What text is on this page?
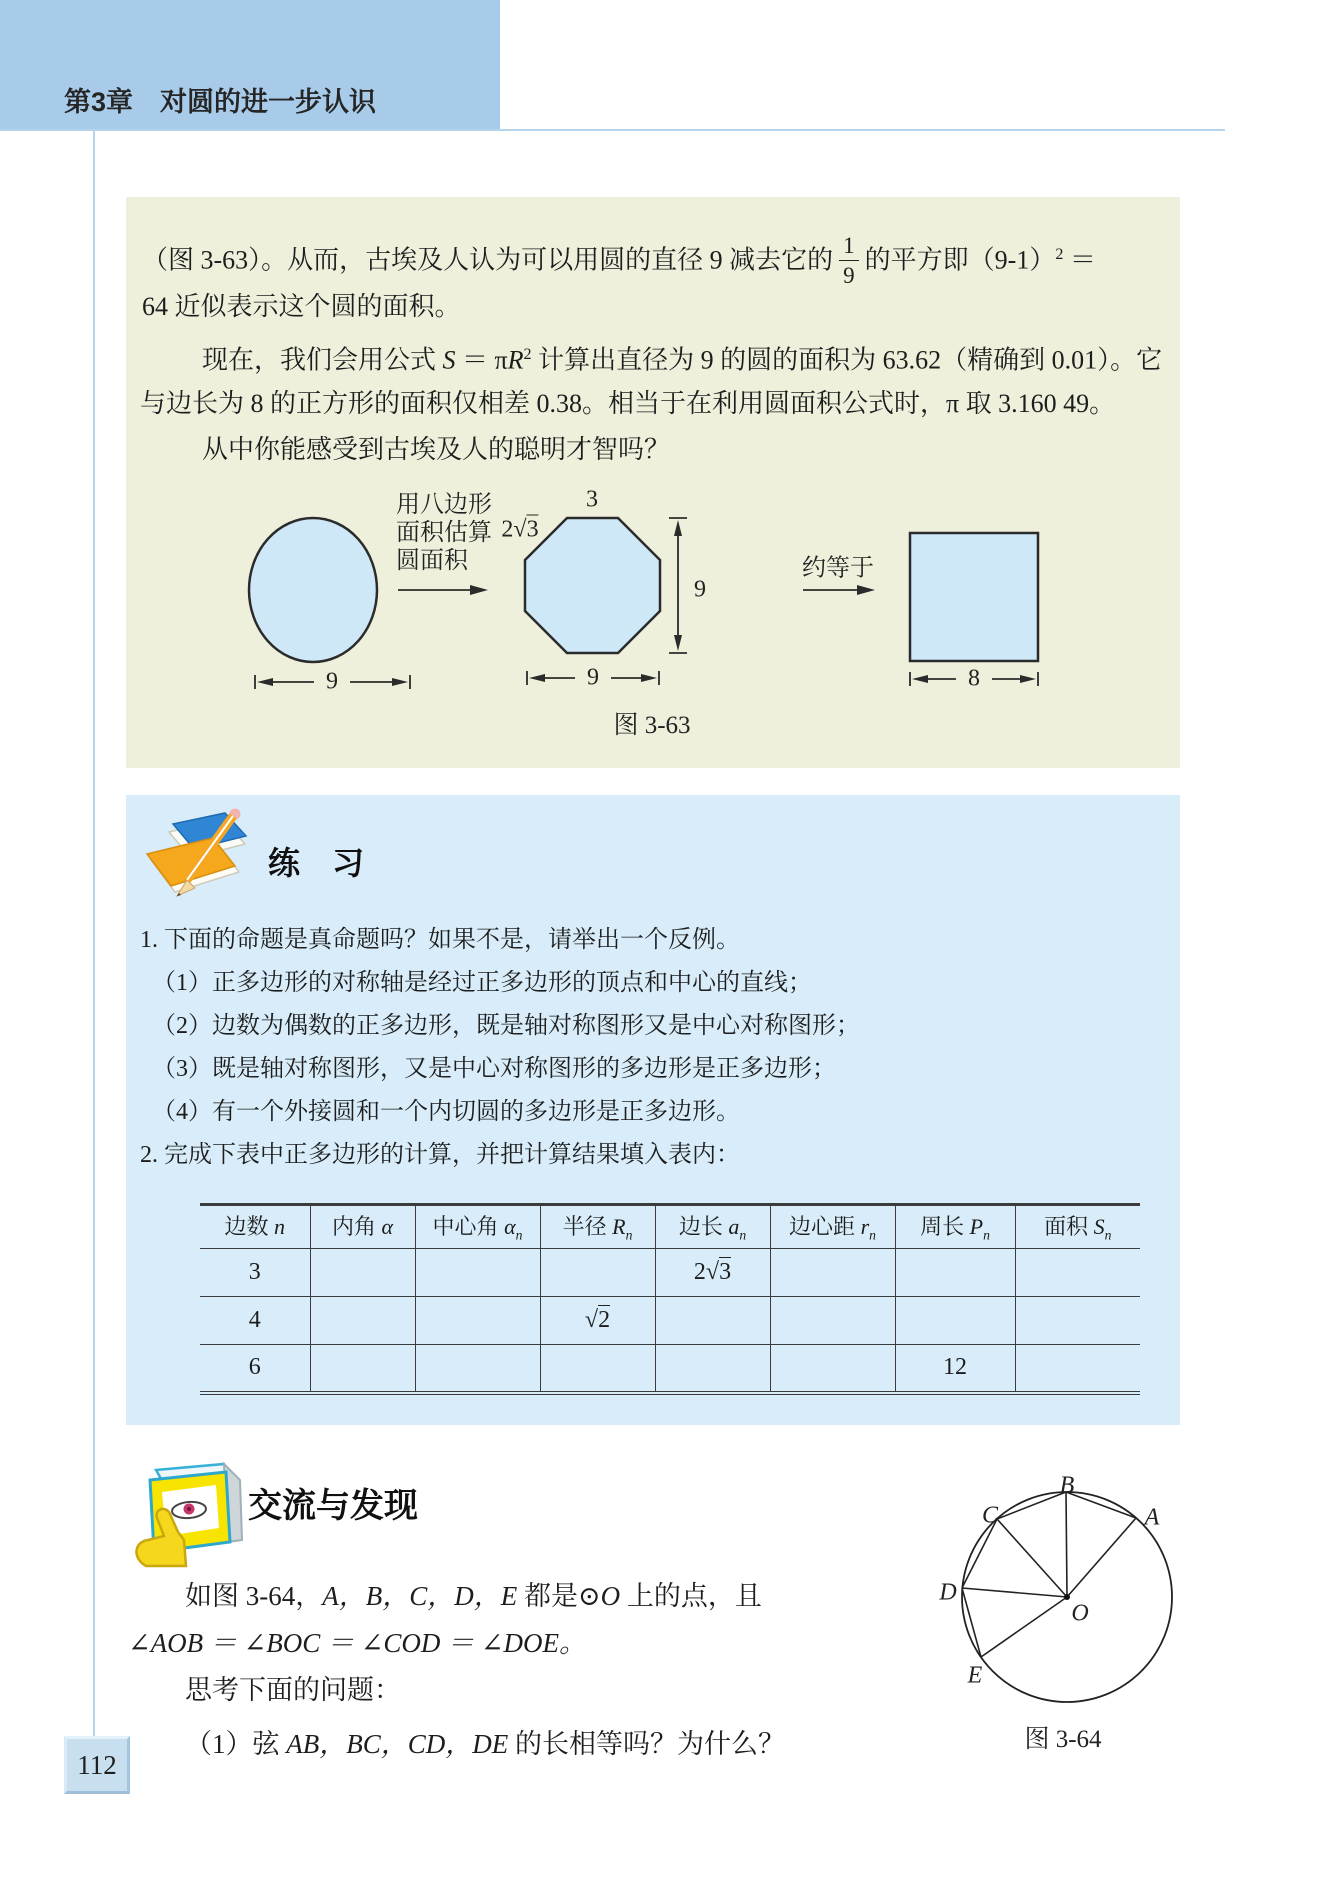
第3章　对圆的进一步认识
（图 3-63）。从而，古埃及人认为可以用圆的直径 9 减去它的 $\frac{1}{9}$ 的平方即$(9-1)^2$ ＝
64 近似表示这个圆的面积。
现在，我们会用公式 $S = \pi R^2$ 计算出直径为 9 的圆的面积为 63.62（精确到 0.01）。它
与边长为 8 的正方形的面积仅相差 0.38。相当于在利用圆面积公式时，π 取 3.160 49。
从中你能感受到古埃及人的聪明才智吗？
9
用八边形
面积估算
圆面积
3
2√3
9
9
约等于
8
图 3-63
练　习
1. 下面的命题是真命题吗？如果不是，请举出一个反例。
（1）正多边形的对称轴是经过正多边形的顶点和中心的直线；
（2）边数为偶数的正多边形，既是轴对称图形又是中心对称图形；
（3）既是轴对称图形，又是中心对称图形的多边形是正多边形；
（4）有一个外接圆和一个内切圆的多边形是正多边形。
2. 完成下表中正多边形的计算，并把计算结果填入表内：
边数 n	内角 α	中心角 $\alpha_n$	半径 $R_n$	边长 $a_n$	边心距 $r_n$	周长 $P_n$	面积 $S_n$
3				2√3			
4			√2				
6						12	
交流与发现
如图 3-64，A，B，C，D，E 都是⊙O 上的点，且
∠AOB ＝ ∠BOC ＝ ∠COD ＝ ∠DOE。
思考下面的问题：
（1）弦 AB，BC，CD，DE 的长相等吗？为什么？
A
B
C
D
E
O
图 3-64
112
